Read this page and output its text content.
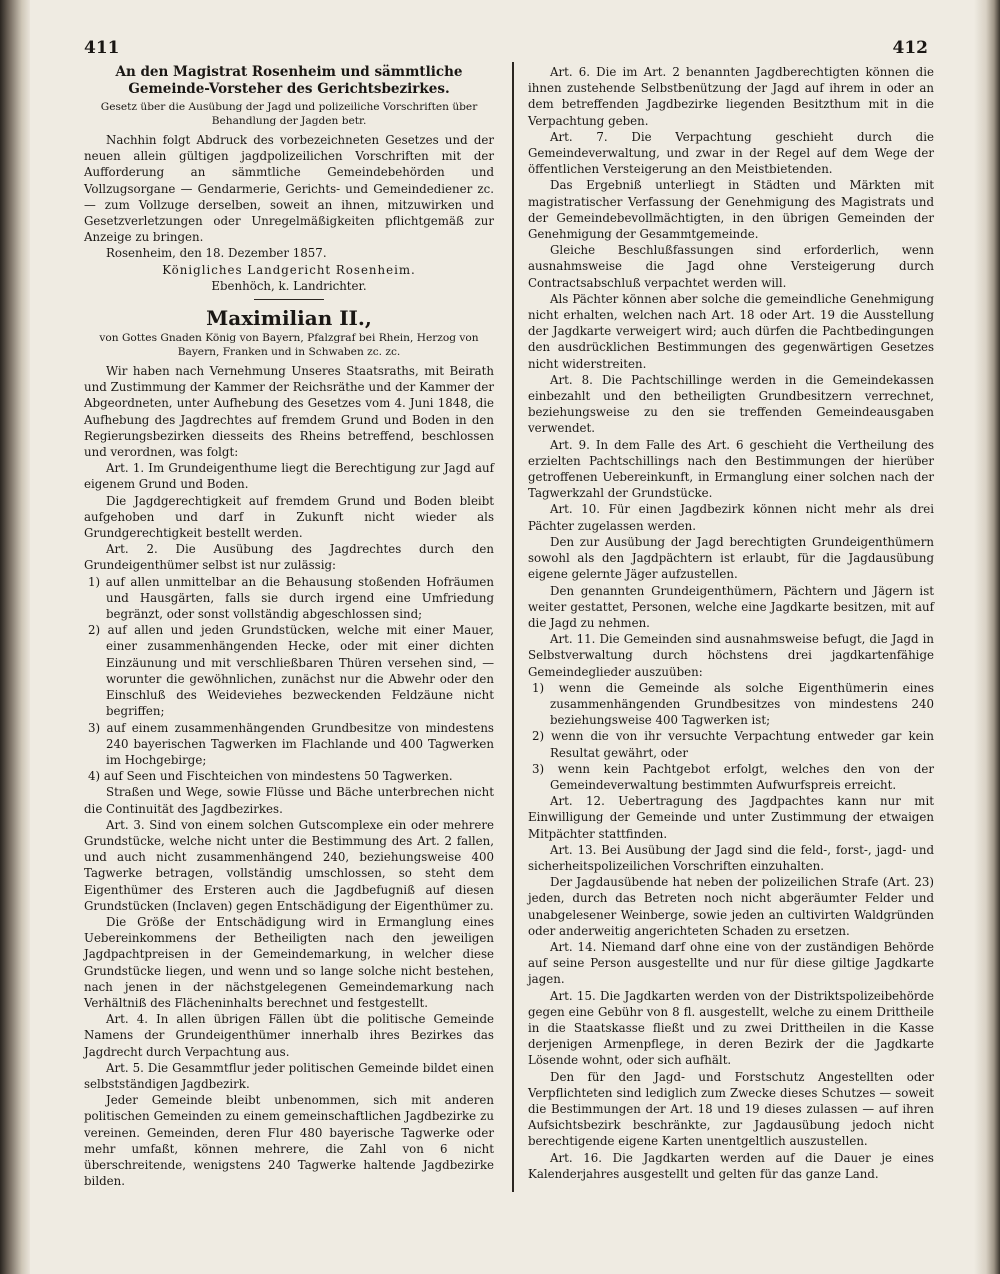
411	412

An den Magistrat Rosenheim und sämmtliche Gemeinde-Vorsteher des Gerichtsbezirkes.

Gesetz über die Ausübung der Jagd und polizeiliche Vorschriften über Behandlung der Jagden betr.

Nachhin folgt Abdruck des vorbezeichneten Gesetzes und der neuen allein gültigen jagdpolizeilichen Vorschriften mit der Aufforderung an sämmtliche Gemeindebehörden und Vollzugsorgane — Gendarmerie, Gerichts- und Gemeindediener zc. — zum Vollzuge derselben, soweit an ihnen, mitzuwirken und Gesetzverletzungen oder Unregelmäßigkeiten pflichtgemäß zur Anzeige zu bringen.

Rosenheim, den 18. Dezember 1857.

Königliches Landgericht Rosenheim.

Ebenhöch, k. Landrichter.

Maximilian II.,

von Gottes Gnaden König von Bayern, Pfalzgraf bei Rhein, Herzog von Bayern, Franken und in Schwaben zc. zc.

Wir haben nach Vernehmung Unseres Staatsraths, mit Beirath und Zustimmung der Kammer der Reichsräthe und der Kammer der Abgeordneten, unter Aufhebung des Gesetzes vom 4. Juni 1848, die Aufhebung des Jagdrechtes auf fremdem Grund und Boden in den Regierungsbezirken diesseits des Rheins betreffend, beschlossen und verordnen, was folgt:

Art. 1. Im Grundeigenthume liegt die Berechtigung zur Jagd auf eigenem Grund und Boden.

Die Jagdgerechtigkeit auf fremdem Grund und Boden bleibt aufgehoben und darf in Zukunft nicht wieder als Grundgerechtigkeit bestellt werden.

Art. 2. Die Ausübung des Jagdrechtes durch den Grundeigenthümer selbst ist nur zulässig:

1) auf allen unmittelbar an die Behausung stoßenden Hofräumen und Hausgärten, falls sie durch irgend eine Umfriedung begränzt, oder sonst vollständig abgeschlossen sind;

2) auf allen und jeden Grundstücken, welche mit einer Mauer, einer zusammenhängenden Hecke, oder mit einer dichten Einzäunung und mit verschließbaren Thüren versehen sind, — worunter die gewöhnlichen, zunächst nur die Abwehr oder den Einschluß des Weideviehes bezweckenden Feldzäune nicht begriffen;

3) auf einem zusammenhängenden Grundbesitze von mindestens 240 bayerischen Tagwerken im Flachlande und 400 Tagwerken im Hochgebirge;

4) auf Seen und Fischteichen von mindestens 50 Tagwerken.

Straßen und Wege, sowie Flüsse und Bäche unterbrechen nicht die Continuität des Jagdbezirkes.

Art. 3. Sind von einem solchen Gutscomplexe ein oder mehrere Grundstücke, welche nicht unter die Bestimmung des Art. 2 fallen, und auch nicht zusammenhängend 240, beziehungsweise 400 Tagwerke betragen, vollständig umschlossen, so steht dem Eigenthümer des Ersteren auch die Jagdbefugniß auf diesen Grundstücken (Inclaven) gegen Entschädigung der Eigenthümer zu.

Die Größe der Entschädigung wird in Ermanglung eines Uebereinkommens der Betheiligten nach den jeweiligen Jagdpachtpreisen in der Gemeindemarkung, in welcher diese Grundstücke liegen, und wenn und so lange solche nicht bestehen, nach jenen in der nächstgelegenen Gemeindemarkung nach Verhältniß des Flächeninhalts berechnet und festgestellt.

Art. 4. In allen übrigen Fällen übt die politische Gemeinde Namens der Grundeigenthümer innerhalb ihres Bezirkes das Jagdrecht durch Verpachtung aus.

Art. 5. Die Gesammtflur jeder politischen Gemeinde bildet einen selbstständigen Jagdbezirk.

Jeder Gemeinde bleibt unbenommen, sich mit anderen politischen Gemeinden zu einem gemeinschaftlichen Jagdbezirke zu vereinen. Gemeinden, deren Flur 480 bayerische Tagwerke oder mehr umfaßt, können mehrere, die Zahl von 6 nicht überschreitende, wenigstens 240 Tagwerke haltende Jagdbezirke bilden.

Art. 6. Die im Art. 2 benannten Jagdberechtigten können die ihnen zustehende Selbstbenützung der Jagd auf ihrem in oder an dem betreffenden Jagdbezirke liegenden Besitzthum mit in die Verpachtung geben.

Art. 7. Die Verpachtung geschieht durch die Gemeindeverwaltung, und zwar in der Regel auf dem Wege der öffentlichen Versteigerung an den Meistbietenden.

Das Ergebniß unterliegt in Städten und Märkten mit magistratischer Verfassung der Genehmigung des Magistrats und der Gemeindebevollmächtigten, in den übrigen Gemeinden der Genehmigung der Gesammtgemeinde.

Gleiche Beschlußfassungen sind erforderlich, wenn ausnahmsweise die Jagd ohne Versteigerung durch Contractsabschluß verpachtet werden will.

Als Pächter können aber solche die gemeindliche Genehmigung nicht erhalten, welchen nach Art. 18 oder Art. 19 die Ausstellung der Jagdkarte verweigert wird; auch dürfen die Pachtbedingungen den ausdrücklichen Bestimmungen des gegenwärtigen Gesetzes nicht widerstreiten.

Art. 8. Die Pachtschillinge werden in die Gemeindekassen einbezahlt und den betheiligten Grundbesitzern verrechnet, beziehungsweise zu den sie treffenden Gemeindeausgaben verwendet.

Art. 9. In dem Falle des Art. 6 geschieht die Vertheilung des erzielten Pachtschillings nach den Bestimmungen der hierüber getroffenen Uebereinkunft, in Ermanglung einer solchen nach der Tagwerkzahl der Grundstücke.

Art. 10. Für einen Jagdbezirk können nicht mehr als drei Pächter zugelassen werden.

Den zur Ausübung der Jagd berechtigten Grundeigenthümern sowohl als den Jagdpächtern ist erlaubt, für die Jagdausübung eigene gelernte Jäger aufzustellen.

Den genannten Grundeigenthümern, Pächtern und Jägern ist weiter gestattet, Personen, welche eine Jagdkarte besitzen, mit auf die Jagd zu nehmen.

Art. 11. Die Gemeinden sind ausnahmsweise befugt, die Jagd in Selbstverwaltung durch höchstens drei jagdkartenfähige Gemeindeglieder auszuüben:

1) wenn die Gemeinde als solche Eigenthümerin eines zusammenhängenden Grundbesitzes von mindestens 240 beziehungsweise 400 Tagwerken ist;

2) wenn die von ihr versuchte Verpachtung entweder gar kein Resultat gewährt, oder

3) wenn kein Pachtgebot erfolgt, welches den von der Gemeindeverwaltung bestimmten Aufwurfspreis erreicht.

Art. 12. Uebertragung des Jagdpachtes kann nur mit Einwilligung der Gemeinde und unter Zustimmung der etwaigen Mitpächter stattfinden.

Art. 13. Bei Ausübung der Jagd sind die feld-, forst-, jagd- und sicherheitspolizeilichen Vorschriften einzuhalten.

Der Jagdausübende hat neben der polizeilichen Strafe (Art. 23) jeden, durch das Betreten noch nicht abgeräumter Felder und unabgelesener Weinberge, sowie jeden an cultivirten Waldgründen oder anderweitig angerichteten Schaden zu ersetzen.

Art. 14. Niemand darf ohne eine von der zuständigen Behörde auf seine Person ausgestellte und nur für diese giltige Jagdkarte jagen.

Art. 15. Die Jagdkarten werden von der Distriktspolizeibehörde gegen eine Gebühr von 8 fl. ausgestellt, welche zu einem Drittheile in die Staatskasse fließt und zu zwei Drittheilen in die Kasse derjenigen Armenpflege, in deren Bezirk der die Jagdkarte Lösende wohnt, oder sich aufhält.

Den für den Jagd- und Forstschutz Angestellten oder Verpflichteten sind lediglich zum Zwecke dieses Schutzes — soweit die Bestimmungen der Art. 18 und 19 dieses zulassen — auf ihren Aufsichtsbezirk beschränkte, zur Jagdausübung jedoch nicht berechtigende eigene Karten unentgeltlich auszustellen.

Art. 16. Die Jagdkarten werden auf die Dauer je eines Kalenderjahres ausgestellt und gelten für das ganze Land.
